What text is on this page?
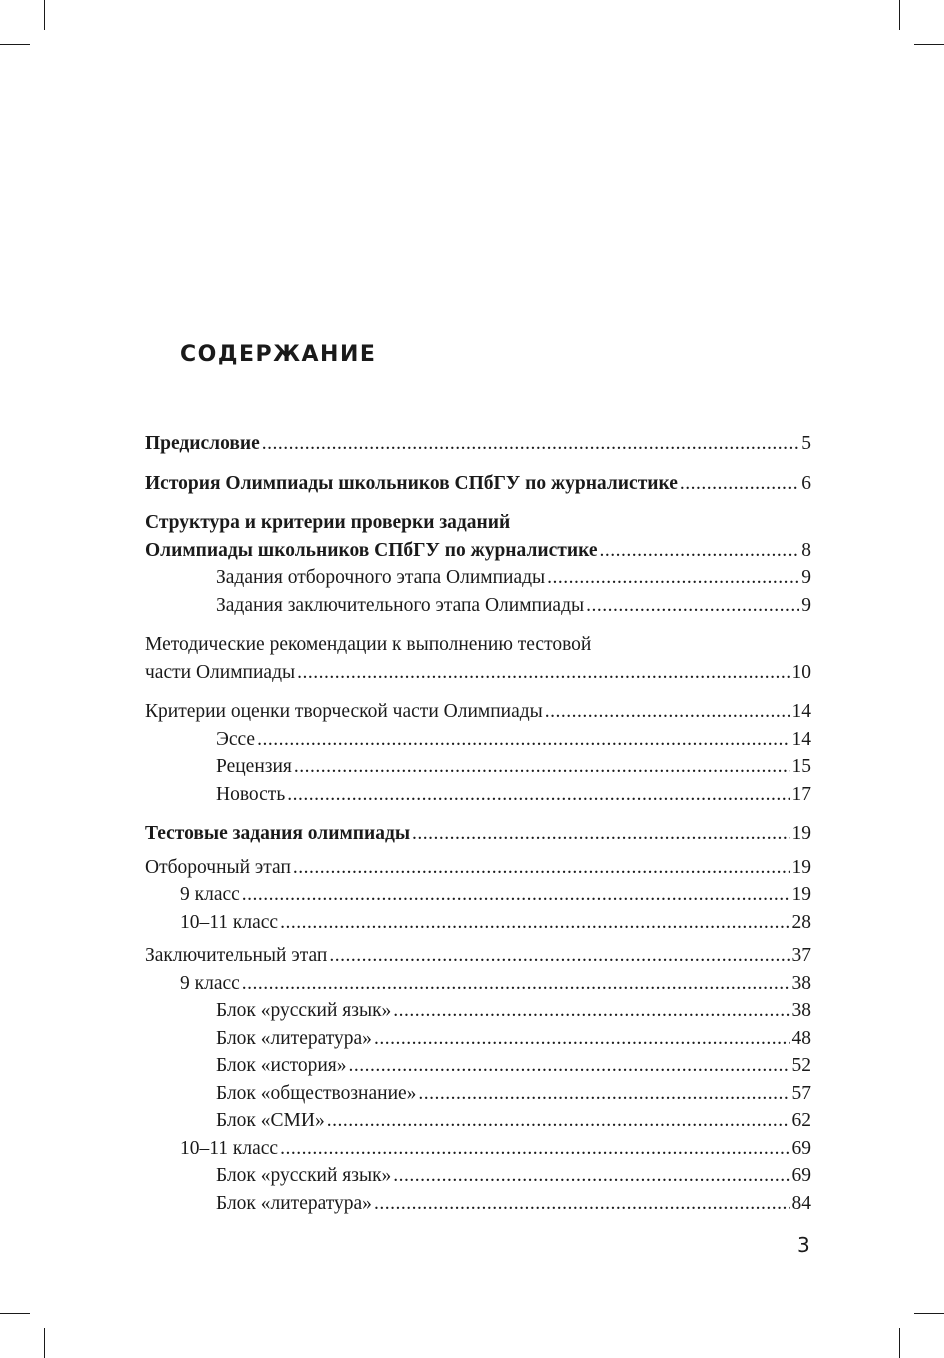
СОДЕРЖАНИЕ
Предисловие .....	5
История Олимпиады школьников СПбГУ по журналистике .....	6
Структура и критерии проверки заданий
Олимпиады школьников СПбГУ по журналистике .....	8
Задания отборочного этапа Олимпиады .....	9
Задания заключительного этапа Олимпиады .....	9
Методические рекомендации к выполнению тестовой
части Олимпиады .....	10
Критерии оценки творческой части Олимпиады .....	14
Эссе .....	14
Рецензия .....	15
Новость .....	17
Тестовые задания олимпиады .....	19
Отборочный этап .....	19
9 класс .....	19
10–11 класс .....	28
Заключительный этап .....	37
9 класс .....	38
Блок «русский язык» .....	38
Блок «литература» .....	48
Блок «история» .....	52
Блок «обществознание» .....	57
Блок «СМИ» .....	62
10–11 класс .....	69
Блок «русский язык» .....	69
Блок «литература» .....	84
3
